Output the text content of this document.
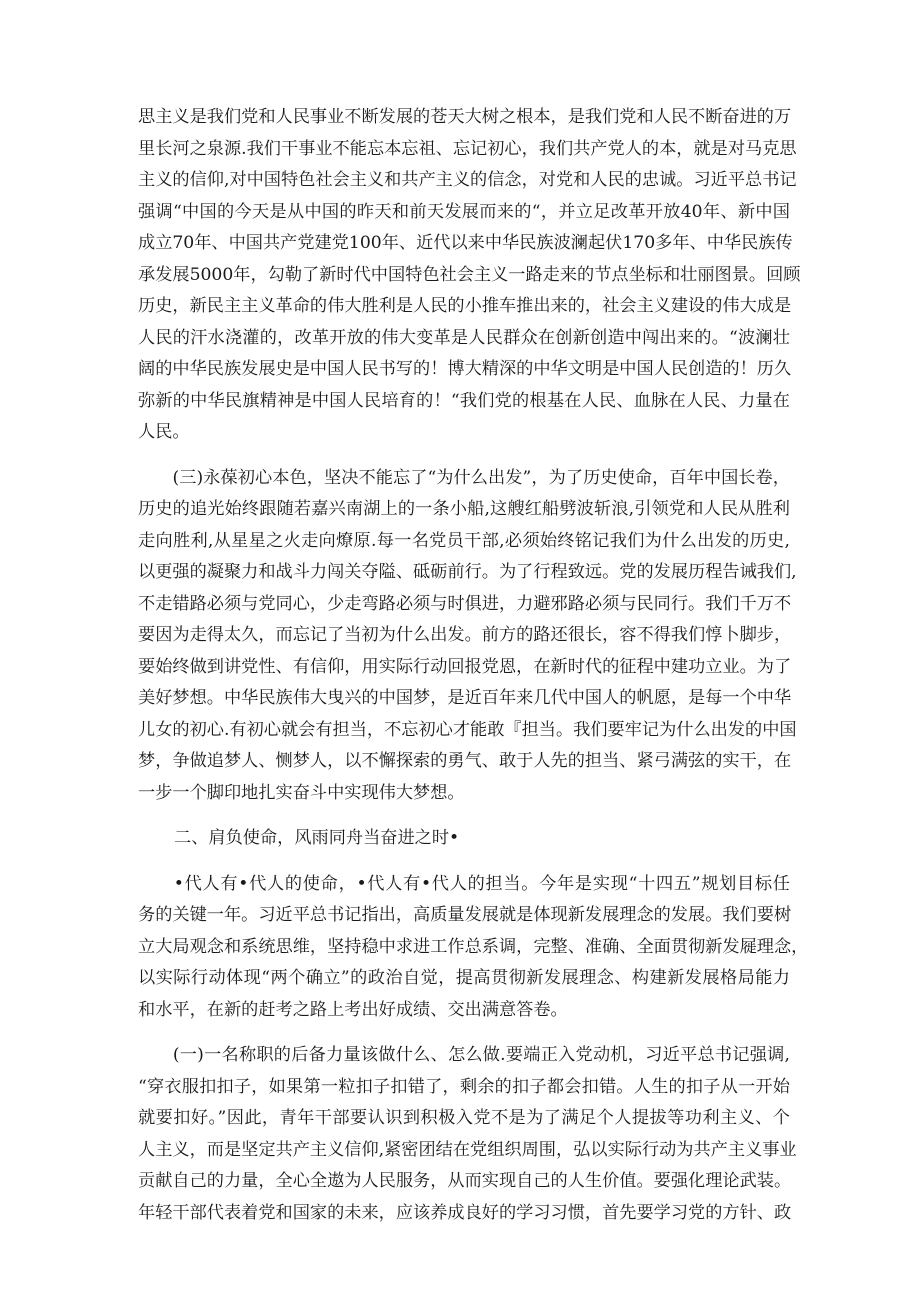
思主义是我们党和人民事业不断发展的苍天大树之根本，是我们党和人民不断奋进的万
里长河之泉源.我们干事业不能忘本忘祖、忘记初心，我们共产党人的本，就是对马克思
主义的信仰,对中国特色社会主义和共产主义的信念，对党和人民的忠诚。习近平总书记
强调“中国的今天是从中国的昨天和前天发展而来的“，并立足改革开放40年、新中国
成立70年、中国共产党建党100年、近代以来中华民族波澜起伏170多年、中华民族传
承发展5000年，勾勒了新时代中国特色社会主义一路走来的节点坐标和壮丽图景。回顾
历史，新民主主义革命的伟大胜利是人民的小推车推出来的，社会主义建设的伟大成是
人民的汗水浇灌的，改革开放的伟大变革是人民群众在创新创造中闯出来的。“波澜壮
阔的中华民族发展史是中国人民书写的！博大精深的中华文明是中国人民创造的！历久
弥新的中华民旗精神是中国人民培育的！“我们党的根基在人民、血脉在人民、力量在
人民。
　　(三)永葆初心本色，坚决不能忘了“为什么出发”，为了历史使命，百年中国长卷，
历史的追光始终跟随若嘉兴南湖上的一条小船,这艘红船劈波斩浪,引领党和人民从胜利
走向胜利,从星星之火走向燎原.每一名党员干部,必须始终铭记我们为什么出发的历史,
以更强的凝聚力和战斗力闯关夺隘、砥砺前行。为了行程致远。党的发展历程告诫我们,
不走错路必须与党同心，少走弯路必须与时俱进，力避邪路必须与民同行。我们千万不
要因为走得太久，而忘记了当初为什么出发。前方的路还很长，容不得我们惇卜脚步，
要始终做到讲党性、有信仰，用实际行动回报党恩，在新时代的征程中建功立业。为了
美好梦想。中华民族伟大曳兴的中国梦，是近百年来几代中国人的帆愿，是每一个中华
儿女的初心.有初心就会有担当，不忘初心才能敢『担当。我们要牢记为什么出发的中国
梦，争做追梦人、恻梦人，以不懈探索的勇气、敢于人先的担当、紧弓满弦的实干，在
一步一个脚印地扎实奋斗中实现伟大梦想。
二、肩负使命，风雨同舟当奋进之时•
　　•代人有•代人的使命，•代人有•代人的担当。今年是实现“十四五”规划目标任
务的关键一年。习近平总书记指出，高质量发展就是体现新发展理念的发展。我们要树
立大局观念和系统思维，坚持稳中求进工作总系调，完整、准确、全面贯彻新发屣理念，
以实际行动体现“两个确立”的政治自觉，提高贯彻新发展理念、构建新发展格局能力
和水平，在新的赶考之路上考出好成绩、交出满意答卷。
　　(一)一名称职的后备力量该做什么、怎么做.要端正入党动机，习近平总书记强调,
“穿衣服扣扣子，如果第一粒扣子扣错了，剩余的扣子都会扣错。人生的扣子从一开始
就要扣好。”因此，青年干部要认识到积极入党不是为了满足个人提拔等功利主义、个
人主义，而是坚定共产主义信仰,紧密团结在党组织周围，弘以实际行动为共产主义事业
贡献自己的力量，全心全遨为人民服务，从而实现自己的人生价值。要强化理论武装。
年轻干部代表着党和国家的未来，应该养成良好的学习习惯，首先要学习党的方针、政
